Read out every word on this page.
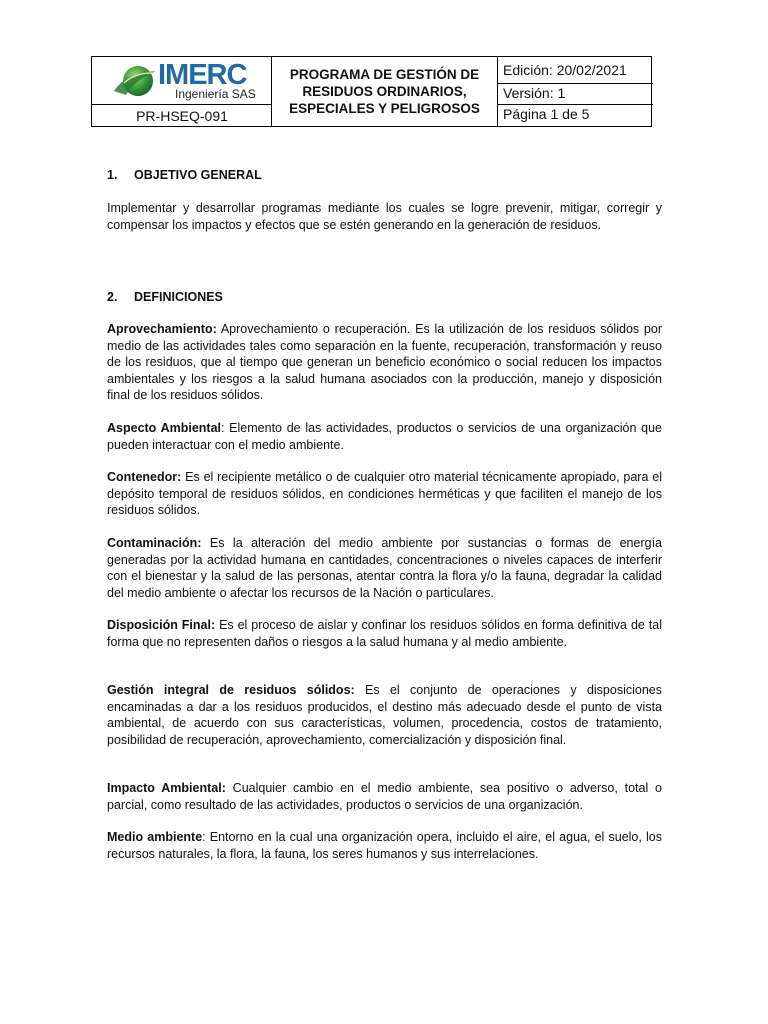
IMERC
Ingeniería SAS
PR-HSEQ-091
PROGRAMA DE GESTIÓN DE RESIDUOS ORDINARIOS, ESPECIALES Y PELIGROSOS
Edición: 20/02/2021
Versión: 1
Página 1 de 5
1. OBJETIVO GENERAL
Implementar y desarrollar programas mediante los cuales se logre prevenir, mitigar, corregir y compensar los impactos y efectos que se estén generando en la generación de residuos.
2. DEFINICIONES
Aprovechamiento: Aprovechamiento o recuperación. Es la utilización de los residuos sólidos por medio de las actividades tales como separación en la fuente, recuperación, transformación y reuso de los residuos, que al tiempo que generan un beneficio económico o social reducen los impactos ambientales y los riesgos a la salud humana asociados con la producción, manejo y disposición final de los residuos sólidos.
Aspecto Ambiental: Elemento de las actividades, productos o servicios de una organización que pueden interactuar con el medio ambiente.
Contenedor: Es el recipiente metálico o de cualquier otro material técnicamente apropiado, para el depósito temporal de residuos sólidos, en condiciones herméticas y que faciliten el manejo de los residuos sólidos.
Contaminación: Es la alteración del medio ambiente por sustancias o formas de energía generadas por la actividad humana en cantidades, concentraciones o niveles capaces de interferir con el bienestar y la salud de las personas, atentar contra la flora y/o la fauna, degradar la calidad del medio ambiente o afectar los recursos de la Nación o particulares.
Disposición Final: Es el proceso de aislar y confinar los residuos sólidos en forma definitiva de tal forma que no representen daños o riesgos a la salud humana y al medio ambiente.
Gestión integral de residuos sólidos: Es el conjunto de operaciones y disposiciones encaminadas a dar a los residuos producidos, el destino más adecuado desde el punto de vista ambiental, de acuerdo con sus características, volumen, procedencia, costos de tratamiento, posibilidad de recuperación, aprovechamiento, comercialización y disposición final.
Impacto Ambiental: Cualquier cambio en el medio ambiente, sea positivo o adverso, total o parcial, como resultado de las actividades, productos o servicios de una organización.
Medio ambiente: Entorno en la cual una organización opera, incluido el aire, el agua, el suelo, los recursos naturales, la flora, la fauna, los seres humanos y sus interrelaciones.
